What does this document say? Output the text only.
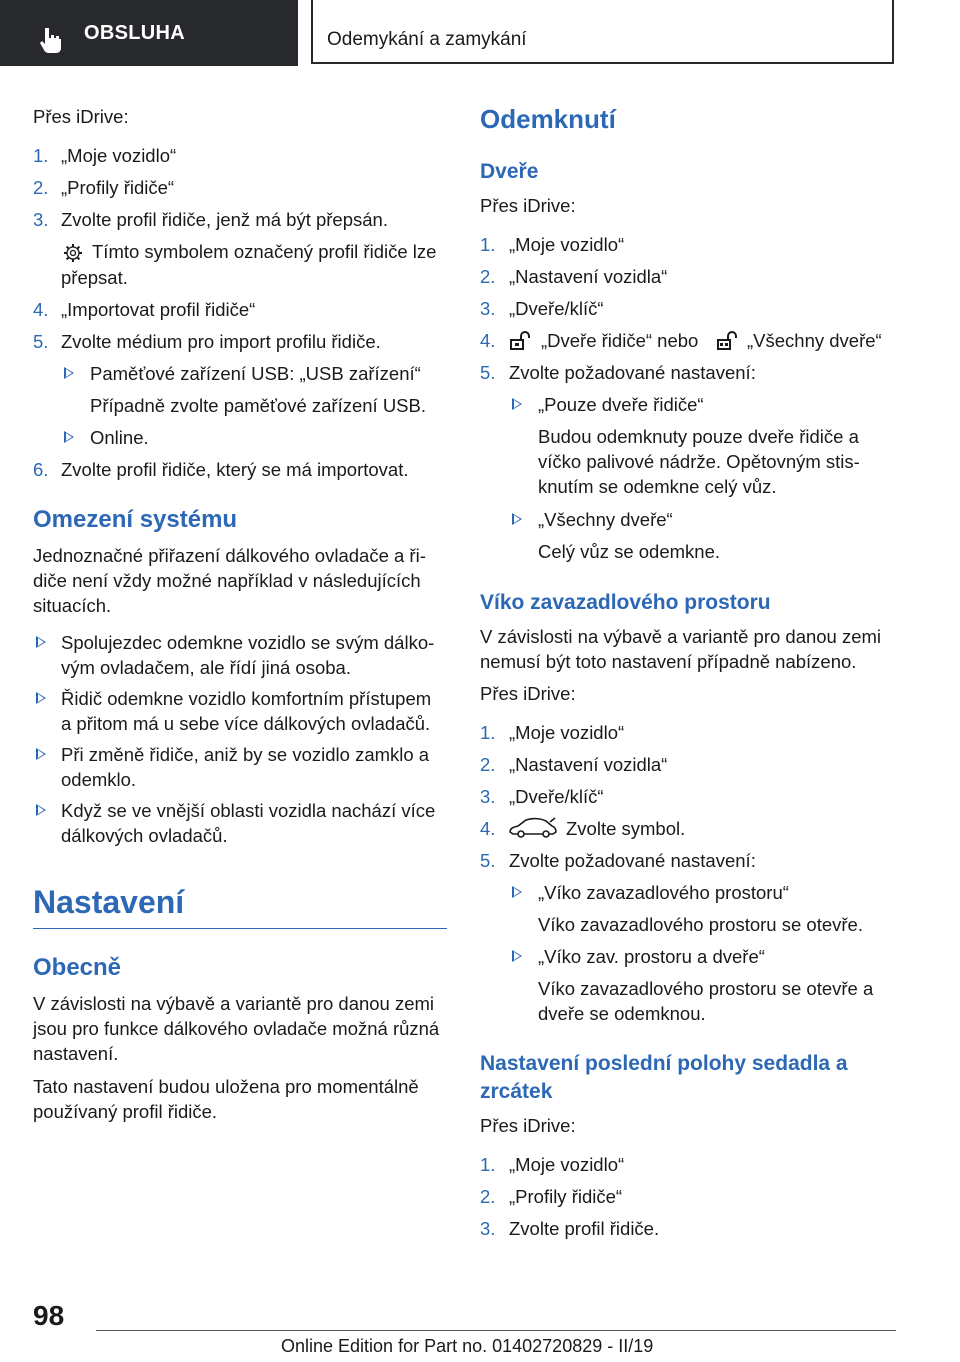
OBSLUHA	Odemykání a zamykání
Přes iDrive:
1. „Moje vozidlo“
2. „Profily řidiče“
3. Zvolte profil řidiče, jenž má být přepsán.
Tímto symbolem označený profil řidiče lze
přepsat.
4. „Importovat profil řidiče“
5. Zvolte médium pro import profilu řidiče.
Paměťové zařízení USB: „USB zařízení“
Případně zvolte paměťové zařízení USB.
Online.
6. Zvolte profil řidiče, který se má importovat.
Omezení systému
Jednoznačné přiřazení dálkového ovladače a ři-
diče není vždy možné například v následujících
situacích.
Spolujezdec odemkne vozidlo se svým dálko-
vým ovladačem, ale řídí jiná osoba.
Řidič odemkne vozidlo komfortním přístupem
a přitom má u sebe více dálkových ovladačů.
Při změně řidiče, aniž by se vozidlo zamklo a
odemklo.
Když se ve vnější oblasti vozidla nachází více
dálkových ovladačů.
Nastavení
Obecně
V závislosti na výbavě a variantě pro danou zemi
jsou pro funkce dálkového ovladače možná různá
nastavení.
Tato nastavení budou uložena pro momentálně
používaný profil řidiče.
Odemknutí
Dveře
Přes iDrive:
1. „Moje vozidlo“
2. „Nastavení vozidla“
3. „Dveře/klíč“
4. „Dveře řidiče“ nebo	„Všechny dveře“
5. Zvolte požadované nastavení:
„Pouze dveře řidiče“
Budou odemknuty pouze dveře řidiče a
víčko palivové nádrže. Opětovným stis-
knutím se odemkne celý vůz.
„Všechny dveře“
Celý vůz se odemkne.
Víko zavazadlového prostoru
V závislosti na výbavě a variantě pro danou zemi
nemusí být toto nastavení případně nabízeno.
Přes iDrive:
1. „Moje vozidlo“
2. „Nastavení vozidla“
3. „Dveře/klíč“
4.	Zvolte symbol.
5. Zvolte požadované nastavení:
„Víko zavazadlového prostoru“
Víko zavazadlového prostoru se otevře.
„Víko zav. prostoru a dveře“
Víko zavazadlového prostoru se otevře a
dveře se odemknou.
Nastavení poslední polohy sedadla a
zrcátek
Přes iDrive:
1. „Moje vozidlo“
2. „Profily řidiče“
3. Zvolte profil řidiče.
98
Online Edition for Part no. 01402720829 - II/19
